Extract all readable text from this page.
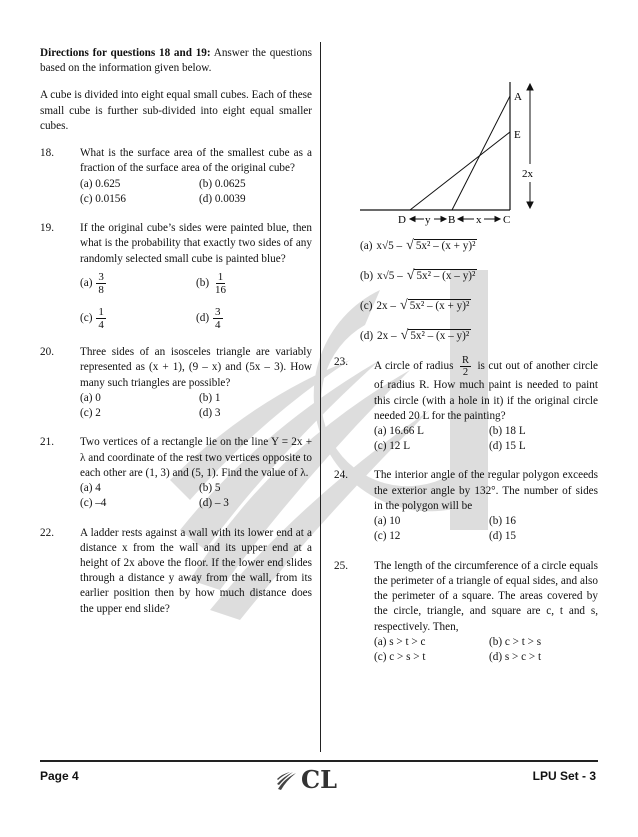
Directions for questions 18 and 19: Answer the questions based on the information given below.
A cube is divided into eight equal small cubes. Each of these small cube is further sub-divided into eight equal smaller cubes.
18.	What is the surface area of the smallest cube as a fraction of the surface area of the original cube?
(a) 0.625	(b) 0.0625
(c) 0.0156	(d) 0.0039
19.	If the original cube’s sides were painted blue, then what is the probability that exactly two sides of any randomly selected small cube is painted blue?
$(a) \frac{3}{8}$	$(b) \frac{1}{16}$
$(c) \frac{1}{4}$	$(d) \frac{3}{4}$
20.	Three sides of an isosceles triangle are variably represented as (x + 1), (9 – x) and (5x – 3). How many such triangles are possible?
(a) 0	(b) 1
(c) 2	(d) 3
21.	Two vertices of a rectangle lie on the line Y = 2x + λ and coordinate of the rest two vertices opposite to each other are (1, 3) and (5, 1). Find the value of λ.
(a) 4	(b) 5
(c) –4	(d) – 3
22.	A ladder rests against a wall with its lower end at a distance x from the wall and its upper end at a height of 2x above the floor. If the lower end slides through a distance y away from the wall, from its earlier position then by how much distance does the upper end slide?
A
E
D	B	C
y	x
2x
(a) x√5 – √ 5x² – (x + y)²
(b) x√5 – √ 5x² – (x – y)²
(c) 2x – √ 5x² – (x + y)²
(d) 2x – √ 5x² – (x – y)²
23.	A circle of radius $\frac{R}{2}$ is cut out of another circle of radius R. How much paint is needed to paint this circle (with a hole in it) if the original circle needed 20 L for the painting?
(a) 16.66 L	(b) 18 L
(c) 12 L	(d) 15 L
24.	The interior angle of the regular polygon exceeds the exterior angle by 132°. The number of sides in the polygon will be
(a) 10	(b) 16
(c) 12	(d) 15
25.	The length of the circumference of a circle equals the perimeter of a triangle of equal sides, and also the perimeter of a square. The areas covered by the circle, triangle, and square are c, t and s, respectively. Then,
(a) s > t > c	(b) c > t > s
(c) c > s > t	(d) s > c > t
Page 4	CL	LPU Set - 3
